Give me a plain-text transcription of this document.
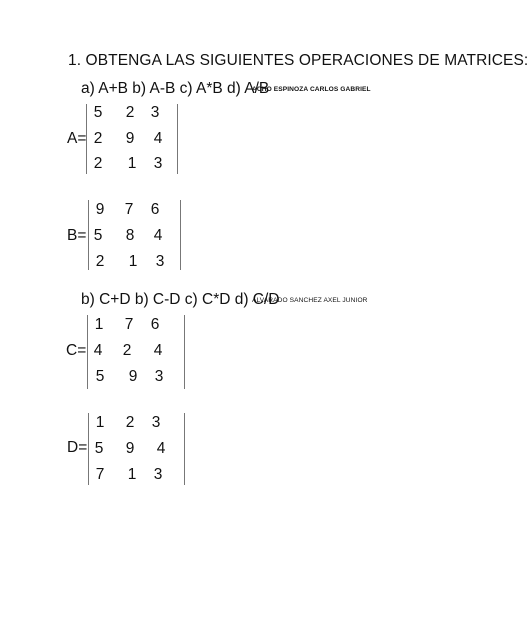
1. OBTENGA LAS SIGUIENTES OPERACIONES DE MATRICES:
a) A+B b) A-B c) A*B d) A/B
ACHO ESPINOZA CARLOS GABRIEL
A=
5	2	3
2	9	4
2	1	3
B=
9	7	6
5	8	4
2	1	3
b) C+D b) C-D c) C*D d) C/D
ALVARADO SANCHEZ AXEL JUNIOR
C=
1	7	6
4	2	4
5	9	3
D=
1	2	3
5	9	4
7	1	3
